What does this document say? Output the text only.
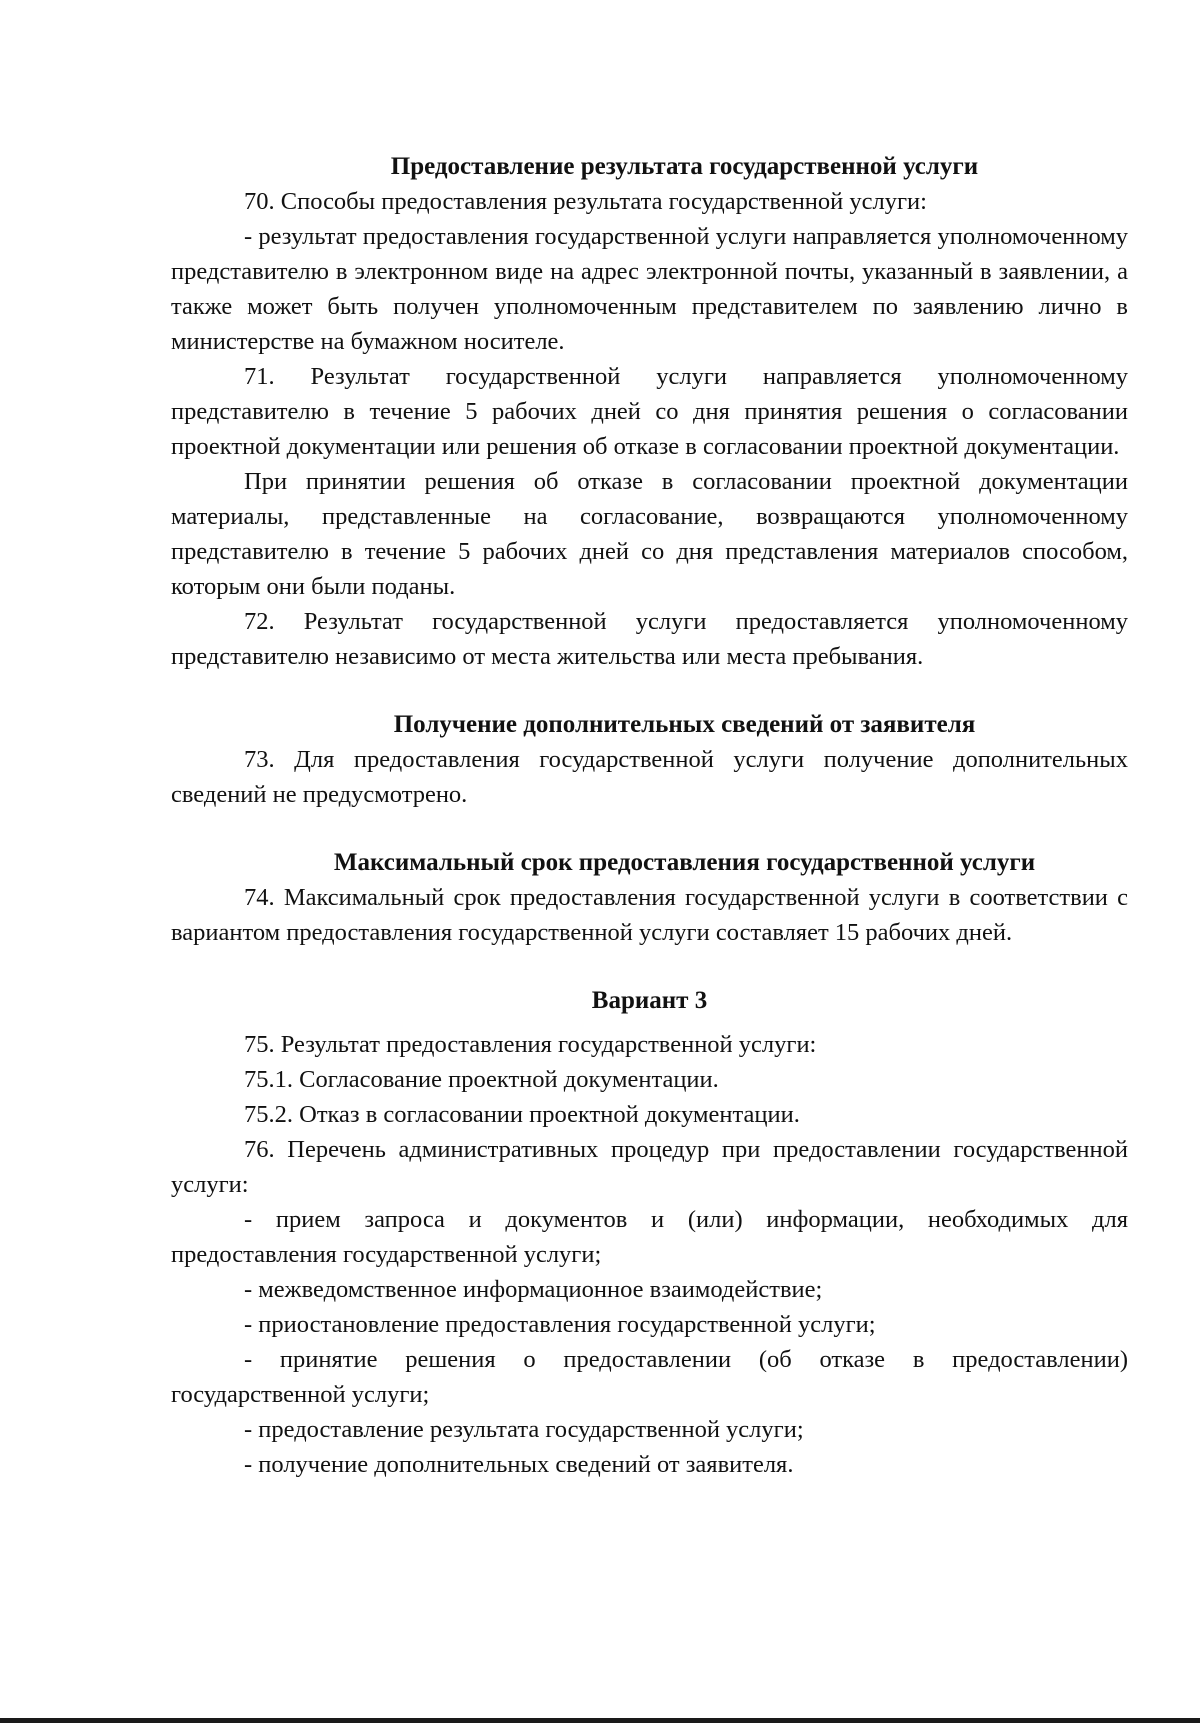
Предоставление результата государственной услуги

70. Способы предоставления результата государственной услуги:

- результат предоставления государственной услуги направляется уполномоченному представителю в электронном виде на адрес электронной почты, указанный в заявлении, а также может быть получен уполномоченным представителем по заявлению лично в министерстве на бумажном носителе.

71. Результат государственной услуги направляется уполномоченному представителю в течение 5 рабочих дней со дня принятия решения о согласовании проектной документации или решения об отказе в согласовании проектной документации.

При принятии решения об отказе в согласовании проектной документации материалы, представленные на согласование, возвращаются уполномоченному представителю в течение 5 рабочих дней со дня представления материалов способом, которым они были поданы.

72. Результат государственной услуги предоставляется уполномоченному представителю независимо от места жительства или места пребывания.

Получение дополнительных сведений от заявителя

73. Для предоставления государственной услуги получение дополнительных сведений не предусмотрено.

Максимальный срок предоставления государственной услуги

74. Максимальный срок предоставления государственной услуги в соответствии с вариантом предоставления государственной услуги составляет 15 рабочих дней.

Вариант 3

75. Результат предоставления государственной услуги:

75.1. Согласование проектной документации.

75.2. Отказ в согласовании проектной документации.

76. Перечень административных процедур при предоставлении государственной услуги:

- прием запроса и документов и (или) информации, необходимых для предоставления государственной услуги;

- межведомственное информационное взаимодействие;

- приостановление предоставления государственной услуги;

- принятие решения о предоставлении (об отказе в предоставлении) государственной услуги;

- предоставление результата государственной услуги;

- получение дополнительных сведений от заявителя.
